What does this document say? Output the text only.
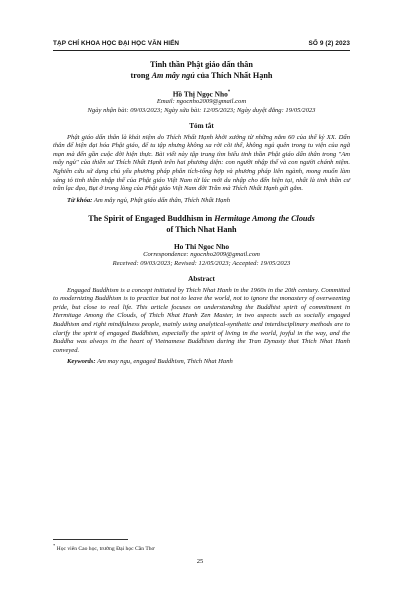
TẠP CHÍ KHOA HỌC ĐẠI HỌC VĂN HIẾN	SỐ 9 (2) 2023

Tinh thần Phật giáo dấn thân
trong Am mây ngủ của Thích Nhất Hạnh

Hồ Thị Ngọc Nho*
Email: ngocnho2009@gmail.com
Ngày nhận bài: 09/03/2023; Ngày sửa bài: 12/05/2023; Ngày duyệt đăng: 19/05/2023
Tóm tắt

Phật giáo dấn thân là khái niệm do Thích Nhất Hạnh khởi xướng từ những năm 60 của thế kỷ XX. Dấn thân để hiện đại hóa Phật giáo, để tu tập nhưng không xa rời cõi thế, không ngủ quên trong tu viện của ngã mạn mà đến gần cuộc đời hiện thực. Bài viết này tập trung tìm hiểu tinh thần Phật giáo dấn thân trong "Am mây ngủ" của thiền sư Thích Nhất Hạnh trên hai phương diện: con người nhập thế và con người chánh niệm. Nghiên cứu sử dụng chủ yếu phương pháp phân tích-tổng hợp và phương pháp liên ngành, mong muốn làm sáng tỏ tinh thần nhập thế của Phật giáo Việt Nam từ lúc mới du nhập cho đến hiện tại, nhất là tinh thần cư trần lạc đạo, Bụt ở trong lòng của Phật giáo Việt Nam đời Trần mà Thích Nhất Hạnh gửi gắm.

Từ khóa: Am mây ngủ, Phật giáo dấn thân, Thích Nhất Hạnh

The Spirit of Engaged Buddhism in Hermitage Among the Clouds
of Thich Nhat Hanh

Ho Thi Ngoc Nho
Correspondence: ngocnho2009@gmail.com
Received: 09/03/2023; Revised: 12/05/2023; Accepted: 19/05/2023
Abstract

Engaged Buddhism is a concept initiated by Thich Nhat Hanh in the 1960s in the 20th century. Committed to modernizing Buddhism is to practice but not to leave the world, not to ignore the monastery of overweening pride, but close to real life. This article focuses on understanding the Buddhist spirit of commitment in Hermitage Among the Clouds, of Thich Nhat Hanh Zen Master, in two aspects such as socially engaged Buddhism and right mindfulness people, mainly using analytical-synthetic and interdisciplinary methods are to clarify the spirit of engaged Buddhism, especially the spirit of living in the world, joyful in the way, and the Buddha was always in the heart of Vietnamese Buddhism during the Tran Dynasty that Thich Nhat Hanh conveyed.

Keywords: Am may ngu, engaged Buddhism, Thich Nhat Hanh
* Học viên Cao học, trường Đại học Cần Thơ
25
